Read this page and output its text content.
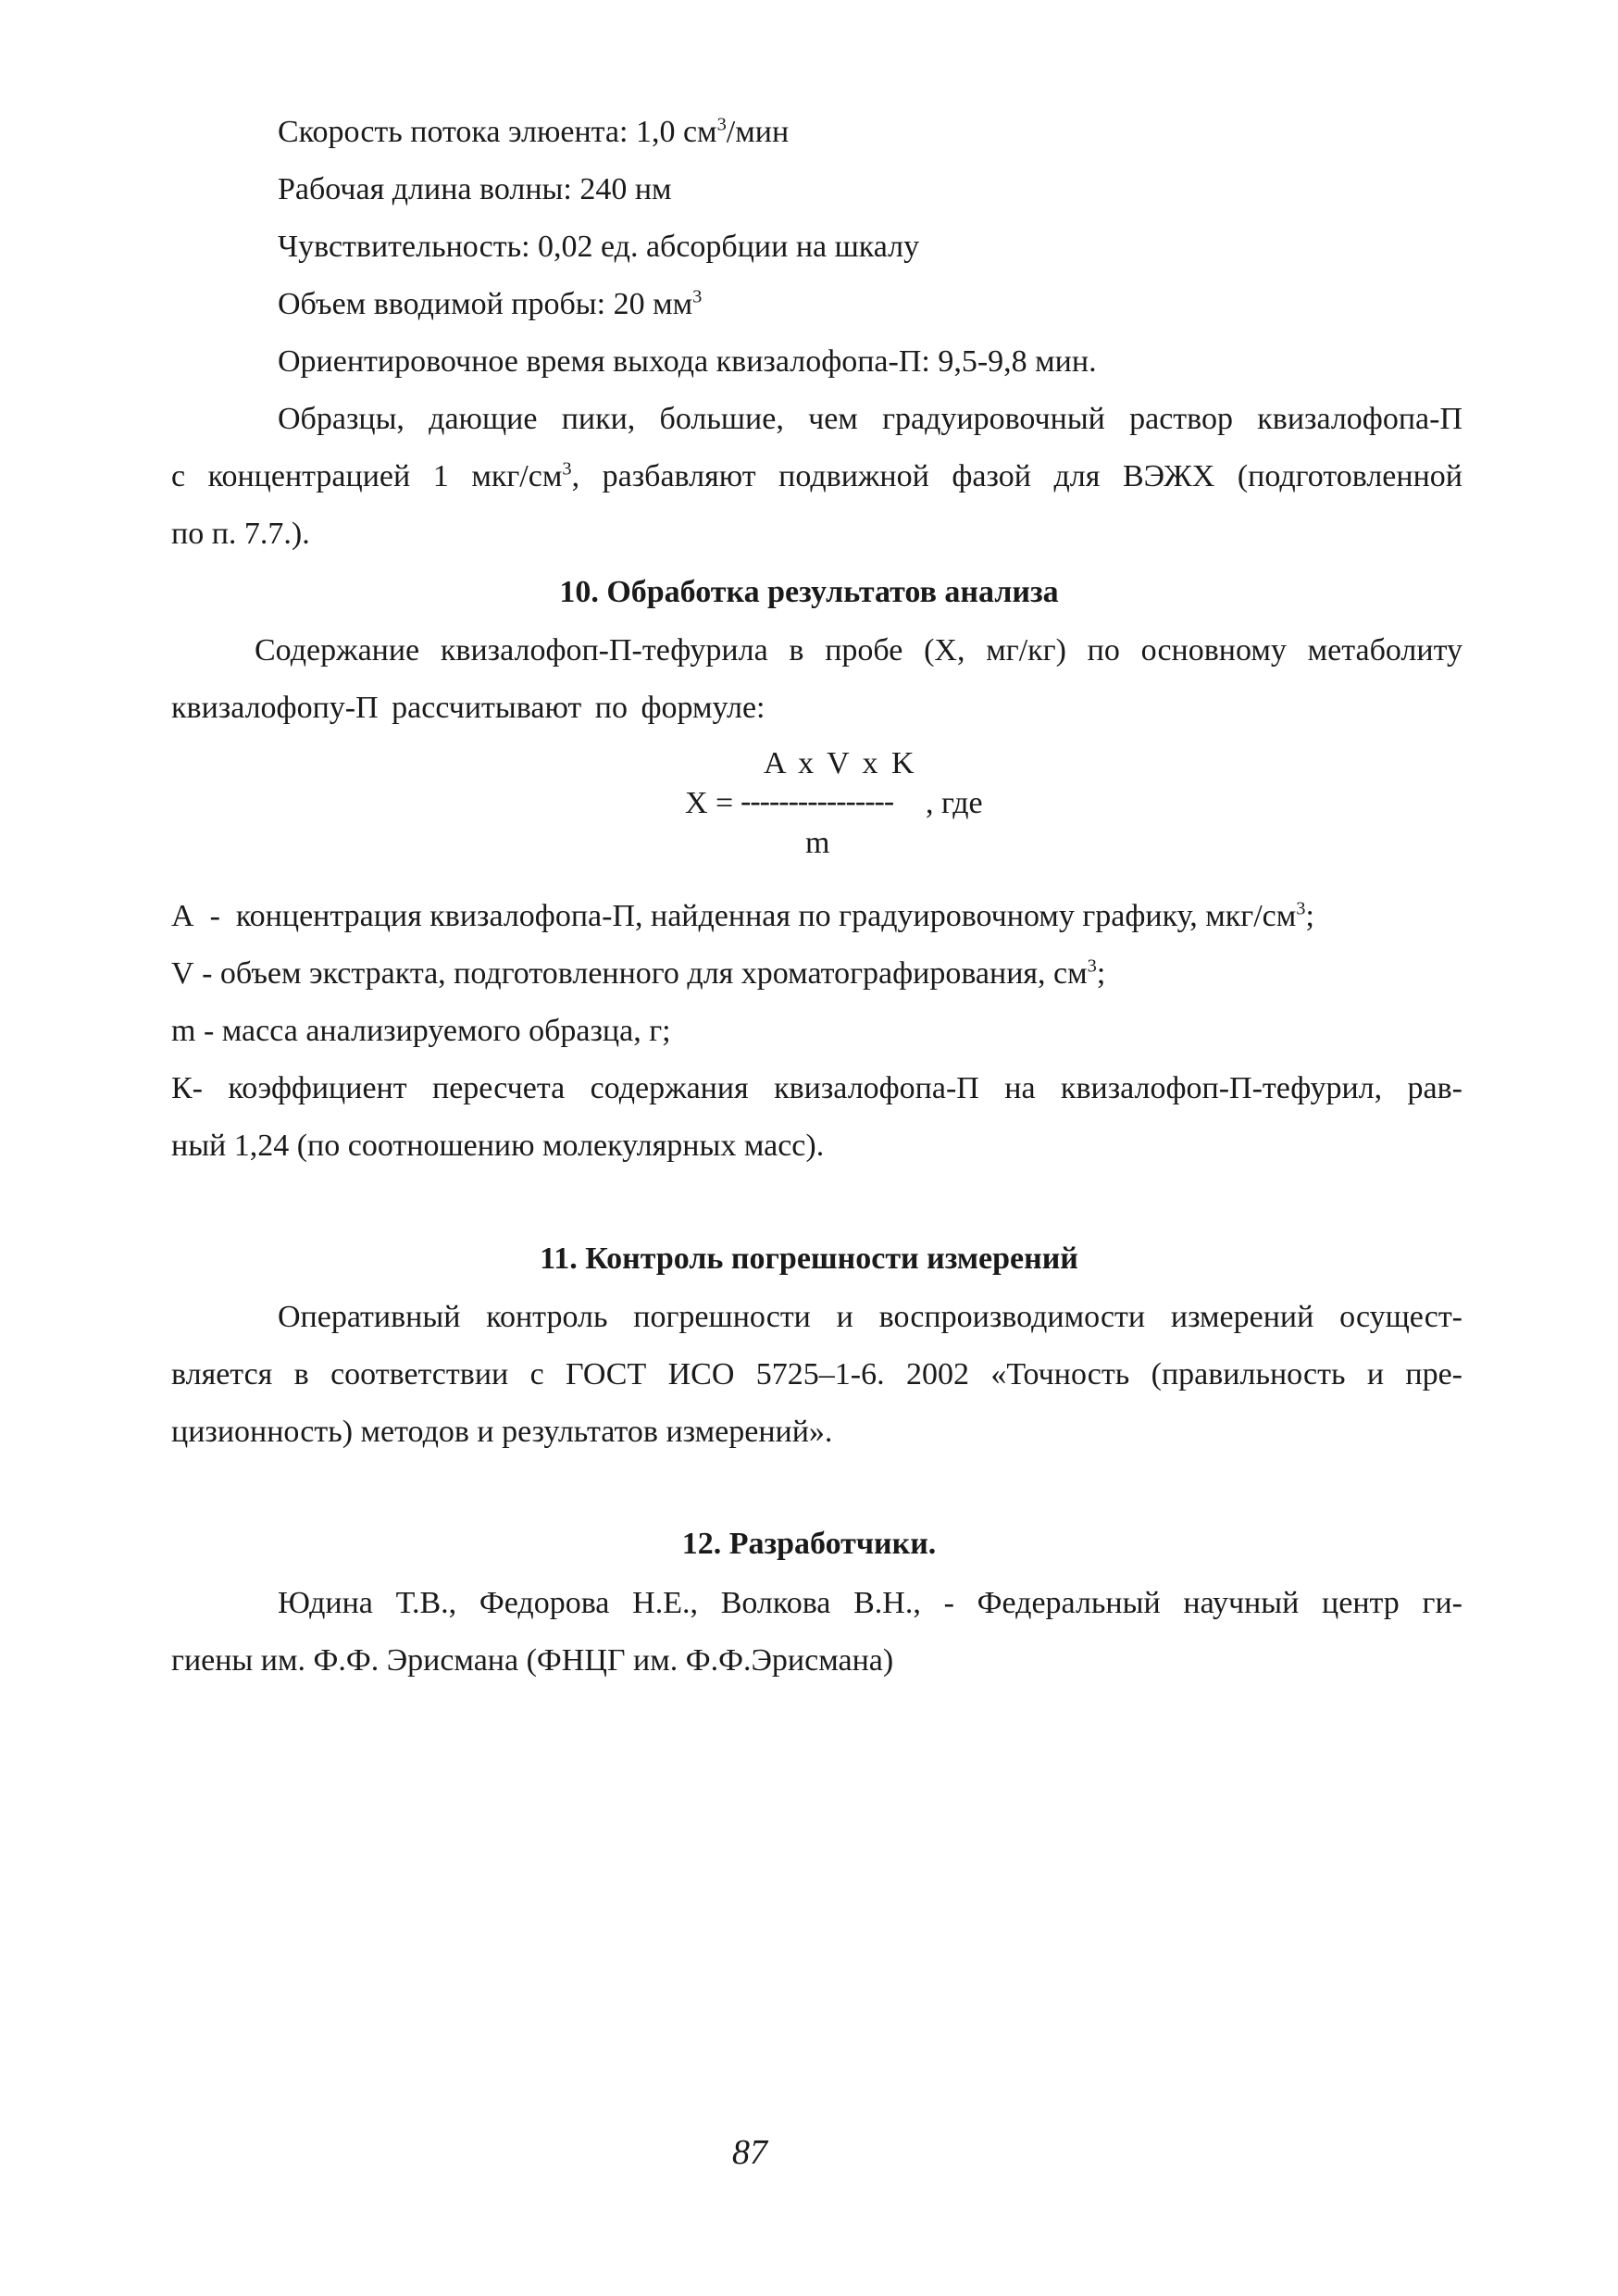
Скорость потока элюента: 1,0 $см^3$/мин
Рабочая длина волны: 240 нм
Чувствительность: 0,02 ед. абсорбции на шкалу
Объем вводимой пробы: 20 $мм^3$
Ориентировочное время выхода квизалофопа-П: 9,5-9,8 мин.
Образцы, дающие пики, большие, чем градуировочный раствор квизалофопа-П
с концентрацией 1 мкг/$см^3$, разбавляют подвижной фазой для ВЭЖХ (подготовленной
по п. 7.7.).
10. Обработка результатов анализа
Содержание квизалофоп-П-тефурила в пробе (X, мг/кг) по основному метаболиту
квизалофопу-П рассчитывают по формуле:
A x V x K
X = ---------------- , где
m
A - концентрация квизалофопа-П, найденная по градуировочному графику, мкг/$см^3$;
V - объем экстракта, подготовленного для хроматографирования, $см^3$;
m - масса анализируемого образца, г;
К- коэффициент пересчета содержания квизалофопа-П на квизалофоп-П-тефурил, рав-
ный 1,24 (по соотношению молекулярных масс).
11. Контроль погрешности измерений
Оперативный контроль погрешности и воспроизводимости измерений осущест-
вляется в соответствии с ГОСТ ИСО 5725–1-6. 2002 «Точность (правильность и пре-
цизионность) методов и результатов измерений».
12. Разработчики.
Юдина Т.В., Федорова Н.Е., Волкова В.Н., - Федеральный научный центр ги-
гиены им. Ф.Ф. Эрисмана (ФНЦГ им. Ф.Ф.Эрисмана)
87
